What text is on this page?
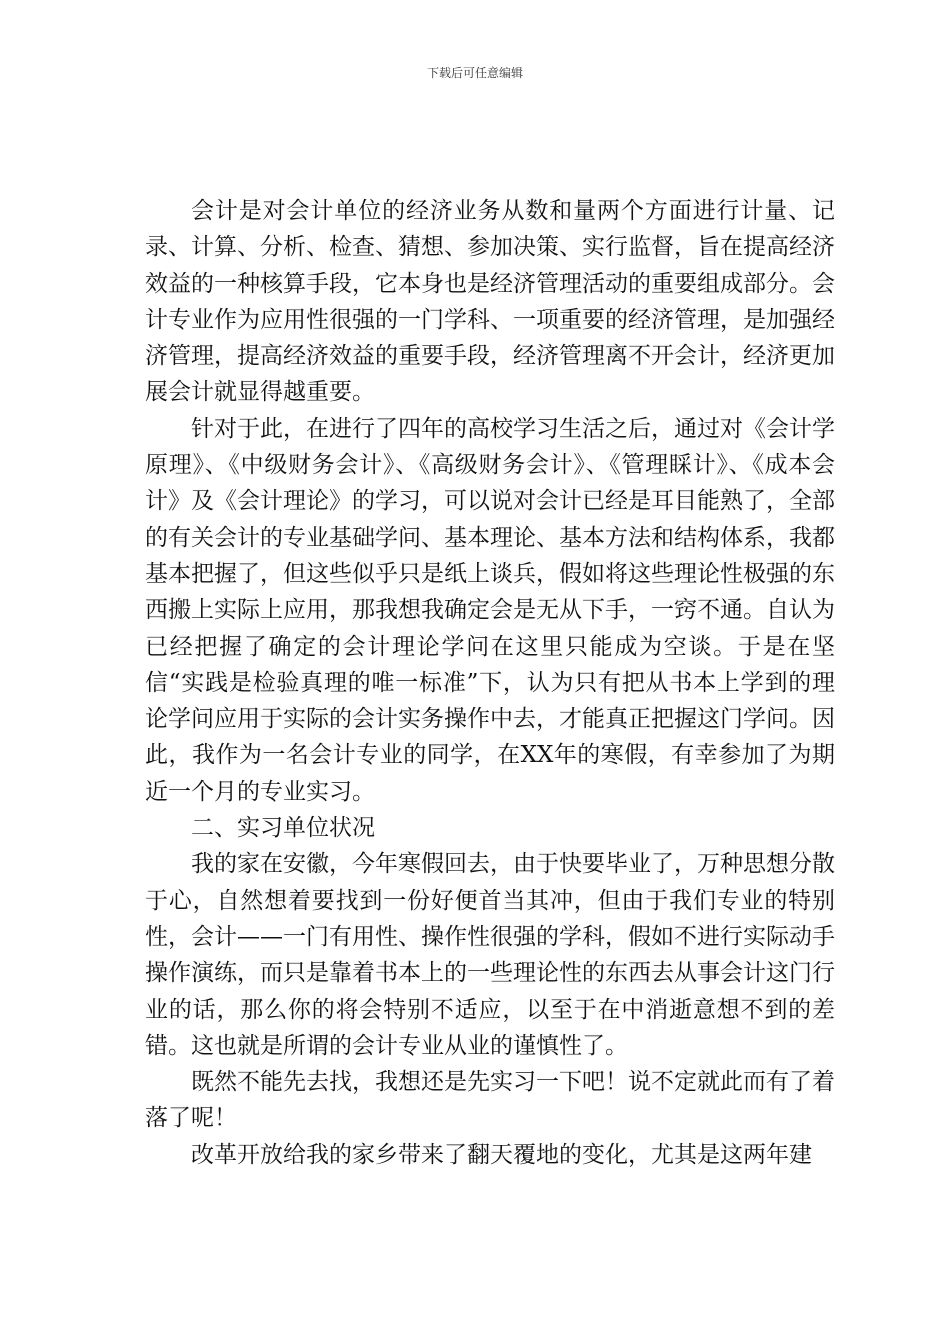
下载后可任意编辑

会计是对会计单位的经济业务从数和量两个方面进行计量、记录、计算、分析、检查、猜想、参加决策、实行监督，旨在提高经济效益的一种核算手段，它本身也是经济管理活动的重要组成部分。会计专业作为应用性很强的一门学科、一项重要的经济管理，是加强经济管理，提高经济效益的重要手段，经济管理离不开会计，经济更加展会计就显得越重要。

针对于此，在进行了四年的高校学习生活之后，通过对《会计学原理》、《中级财务会计》、《高级财务会计》、《管理睬计》、《成本会计》及《会计理论》的学习，可以说对会计已经是耳目能熟了，全部的有关会计的专业基础学问、基本理论、基本方法和结构体系，我都基本把握了，但这些似乎只是纸上谈兵，假如将这些理论性极强的东西搬上实际上应用，那我想我确定会是无从下手，一窍不通。自认为已经把握了确定的会计理论学问在这里只能成为空谈。于是在坚信“实践是检验真理的唯一标准”下，认为只有把从书本上学到的理论学问应用于实际的会计实务操作中去，才能真正把握这门学问。因此，我作为一名会计专业的同学，在XX年的寒假，有幸参加了为期近一个月的专业实习。

二、实习单位状况

我的家在安徽，今年寒假回去，由于快要毕业了，万种思想分散于心，自然想着要找到一份好便首当其冲，但由于我们专业的特别性，会计——一门有用性、操作性很强的学科，假如不进行实际动手操作演练，而只是靠着书本上的一些理论性的东西去从事会计这门行业的话，那么你的将会特别不适应，以至于在中消逝意想不到的差错。这也就是所谓的会计专业从业的谨慎性了。

既然不能先去找，我想还是先实习一下吧！说不定就此而有了着落了呢！

改革开放给我的家乡带来了翻天覆地的变化，尤其是这两年建
